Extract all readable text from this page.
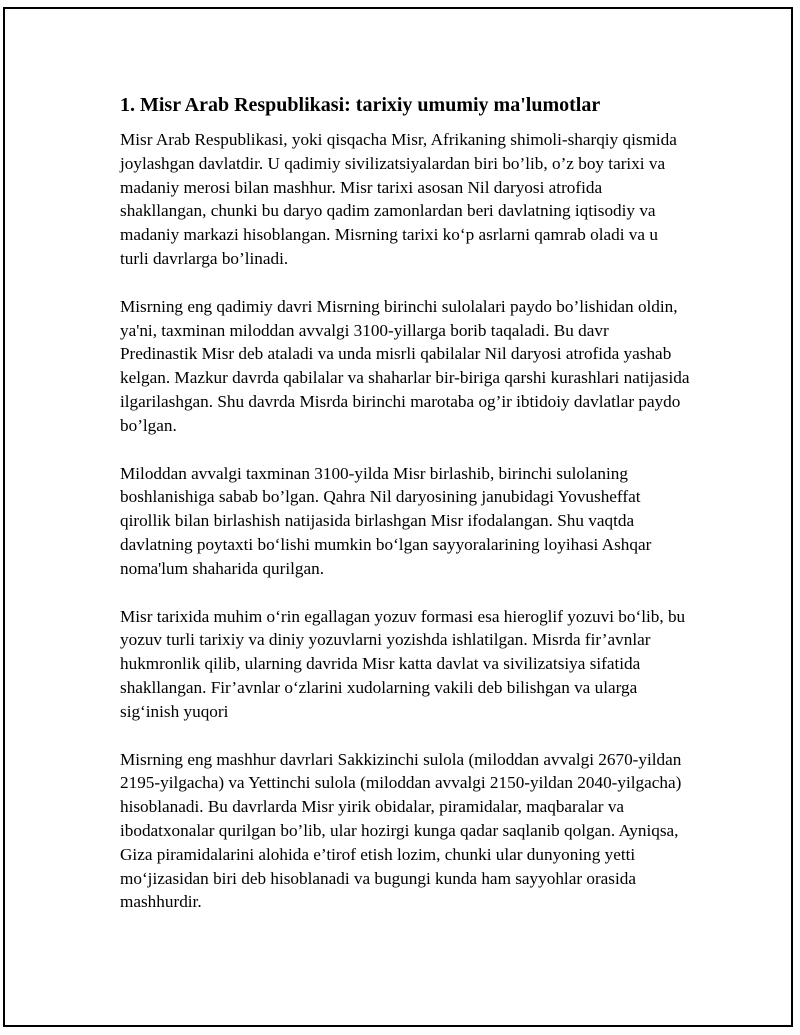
1. Misr Arab Respublikasi: tarixiy umumiy ma'lumotlar

Misr Arab Respublikasi, yoki qisqacha Misr, Afrikaning shimoli-sharqiy qismida joylashgan davlatdir. U qadimiy sivilizatsiyalardan biri bo’lib, o’z boy tarixi va madaniy merosi bilan mashhur. Misr tarixi asosan Nil daryosi atrofida shakllangan, chunki bu daryo qadim zamonlardan beri davlatning iqtisodiy va madaniy markazi hisoblangan. Misrning tarixi ko‘p asrlarni qamrab oladi va u turli davrlarga bo’linadi.

Misrning eng qadimiy davri Misrning birinchi sulolalari paydo bo’lishidan oldin, ya'ni, taxminan miloddan avvalgi 3100-yillarga borib taqaladi. Bu davr Predinastik Misr deb ataladi va unda misrli qabilalar Nil daryosi atrofida yashab kelgan. Mazkur davrda qabilalar va shaharlar bir-biriga qarshi kurashlari natijasida ilgarilashgan. Shu davrda Misrda birinchi marotaba og’ir ibtidoiy davlatlar paydo bo’lgan.

Miloddan avvalgi taxminan 3100-yilda Misr birlashib, birinchi sulolaning boshlanishiga sabab bo’lgan. Qahra Nil daryosining janubidagi Yovusheffat qirollik bilan birlashish natijasida birlashgan Misr ifodalangan. Shu vaqtda davlatning poytaxti bo‘lishi mumkin bo‘lgan sayyoralarining loyihasi Ashqar noma'lum shaharida qurilgan.

Misr tarixida muhim o‘rin egallagan yozuv formasi esa hieroglif yozuvi bo‘lib, bu yozuv turli tarixiy va diniy yozuvlarni yozishda ishlatilgan. Misrda fir’avnlar hukmronlik qilib, ularning davrida Misr katta davlat va sivilizatsiya sifatida shakllangan. Fir’avnlar o‘zlarini xudolarning vakili deb bilishgan va ularga sig‘inish yuqori

Misrning eng mashhur davrlari Sakkizinchi sulola (miloddan avvalgi 2670-yildan 2195-yilgacha) va Yettinchi sulola (miloddan avvalgi 2150-yildan 2040-yilgacha) hisoblanadi. Bu davrlarda Misr yirik obidalar, piramidalar, maqbaralar va ibodatxonalar qurilgan bo’lib, ular hozirgi kunga qadar saqlanib qolgan. Ayniqsa, Giza piramidalarini alohida e’tirof etish lozim, chunki ular dunyoning yetti mo‘jizasidan biri deb hisoblanadi va bugungi kunda ham sayyohlar orasida mashhurdir.
